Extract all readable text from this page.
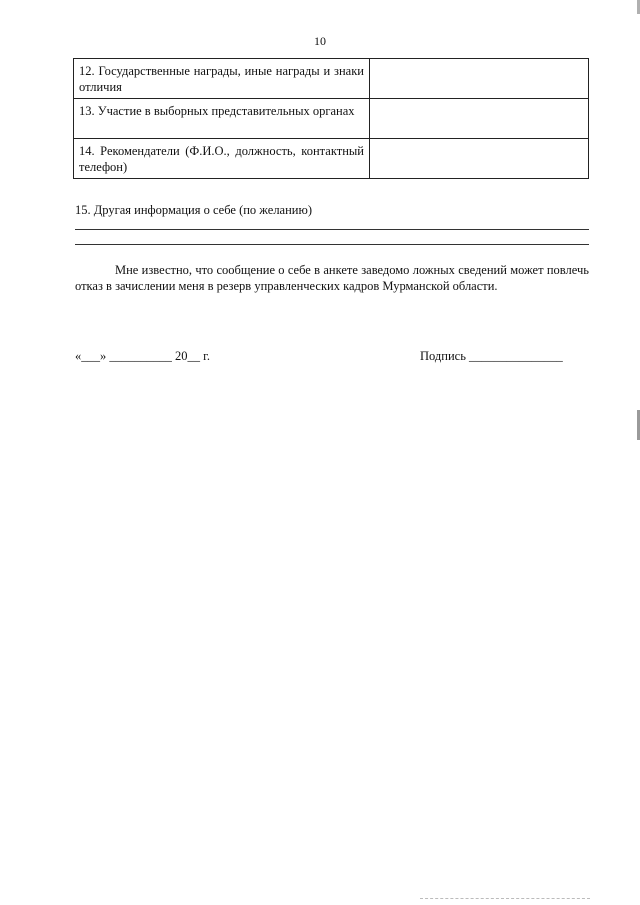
10
12. Государственные награды, иные награды и знаки отличия	
13. Участие в выборных представительных органах	
14. Рекомендатели (Ф.И.О., должность, контактный телефон)	
15. Другая информация о себе (по желанию)

Мне известно, что сообщение о себе в анкете заведомо ложных сведений может повлечь отказ в зачислении меня в резерв управленческих кадров Мурманской области.

«___» __________ 20__ г.	Подпись _______________
